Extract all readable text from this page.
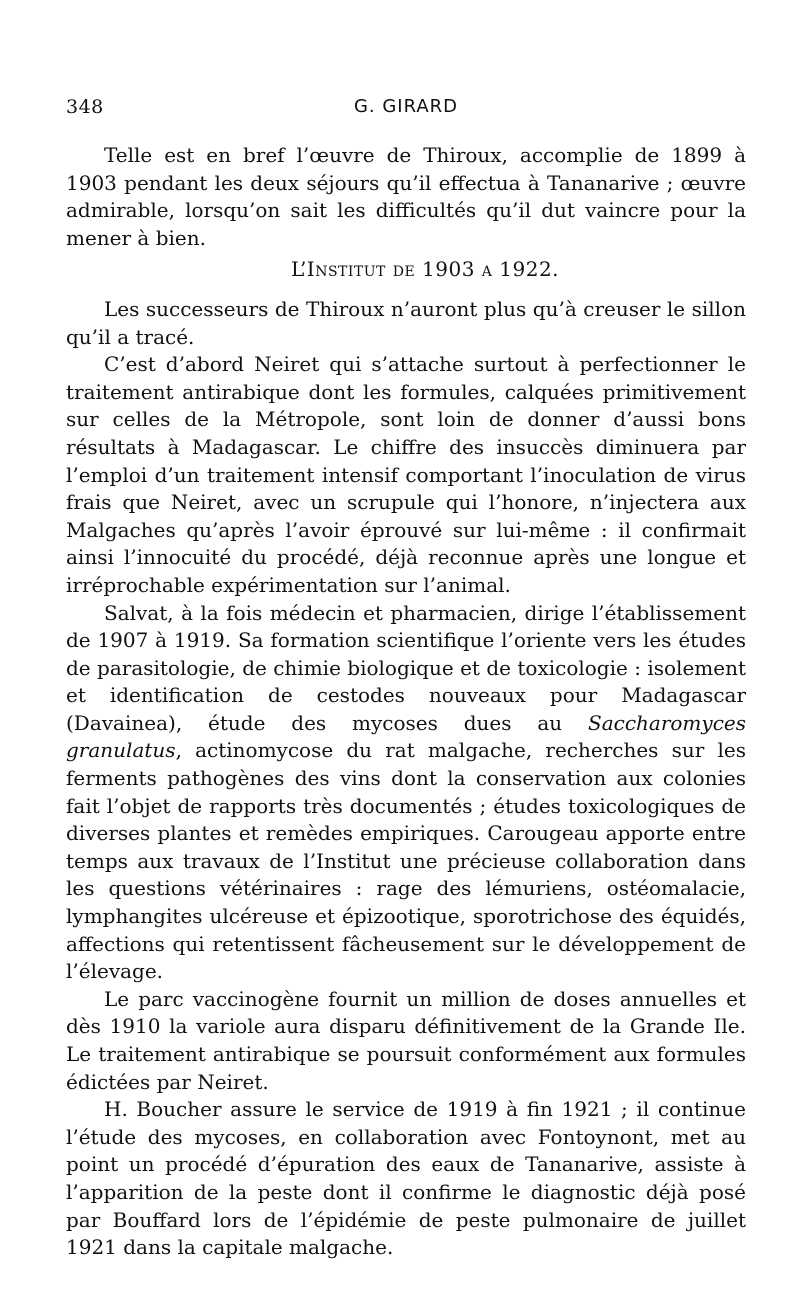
348	G. GIRARD

Telle est en bref l’œuvre de Thiroux, accomplie de 1899 à 1903 pendant les deux séjours qu’il effectua à Tananarive ; œuvre admirable, lorsqu’on sait les difficultés qu’il dut vaincre pour la mener à bien.

L’Institut de 1903 a 1922.

Les successeurs de Thiroux n’auront plus qu’à creuser le sillon qu’il a tracé.

C’est d’abord Neiret qui s’attache surtout à perfectionner le traitement antirabique dont les formules, calquées primitivement sur celles de la Métropole, sont loin de donner d’aussi bons résultats à Madagascar. Le chiffre des insuccès diminuera par l’emploi d’un traitement intensif comportant l’inoculation de virus frais que Neiret, avec un scrupule qui l’honore, n’injectera aux Malgaches qu’après l’avoir éprouvé sur lui-même : il confirmait ainsi l’innocuité du procédé, déjà reconnue après une longue et irréprochable expérimentation sur l’animal.

Salvat, à la fois médecin et pharmacien, dirige l’établissement de 1907 à 1919. Sa formation scientifique l’oriente vers les études de parasitologie, de chimie biologique et de toxicologie : isolement et identification de cestodes nouveaux pour Madagascar (Davainea), étude des mycoses dues au Saccharomyces granulatus, actinomycose du rat malgache, recherches sur les ferments pathogènes des vins dont la conservation aux colonies fait l’objet de rapports très documentés ; études toxicologiques de diverses plantes et remèdes empiriques. Carougeau apporte entre temps aux travaux de l’Institut une précieuse collaboration dans les questions vétérinaires : rage des lémuriens, ostéomalacie, lymphangites ulcéreuse et épizootique, sporotrichose des équidés, affections qui retentissent fâcheusement sur le développement de l’élevage.

Le parc vaccinogène fournit un million de doses annuelles et dès 1910 la variole aura disparu définitivement de la Grande Ile. Le traitement antirabique se poursuit conformément aux formules édictées par Neiret.

H. Boucher assure le service de 1919 à fin 1921 ; il continue l’étude des mycoses, en collaboration avec Fontoynont, met au point un procédé d’épuration des eaux de Tananarive, assiste à l’apparition de la peste dont il confirme le diagnostic déjà posé par Bouffard lors de l’épidémie de peste pulmonaire de juillet 1921 dans la capitale malgache.
